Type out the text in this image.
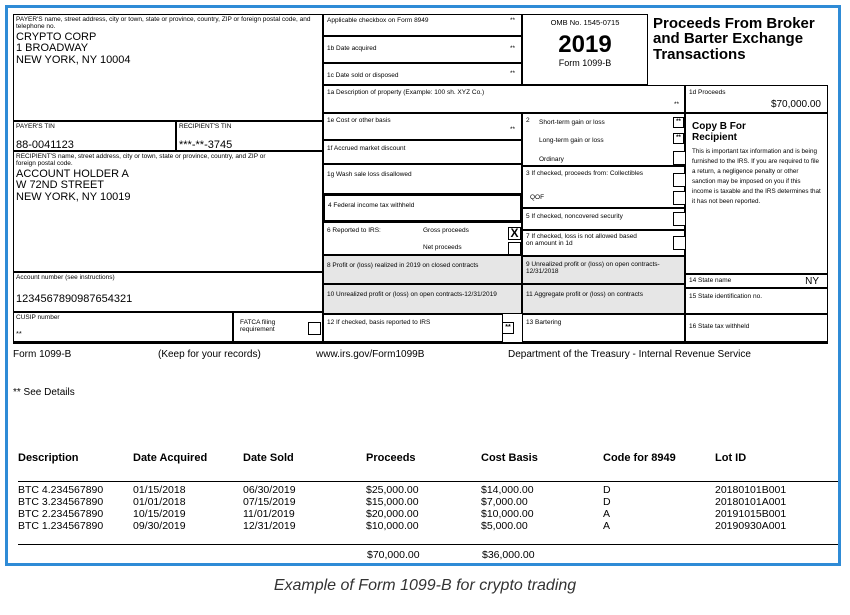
PAYER'S name, street address, city or town, state or province, country, ZIP or foreign postal code, and telephone no.
CRYPTO CORP
1 BROADWAY
NEW YORK, NY 10004
PAYER'S TIN
88-0041123
RECIPIENT'S TIN
***-**-3745
RECIPIENT'S name, street address, city or town, state or province, country, and ZIP or foreign postal code.
ACCOUNT HOLDER A
W 72ND STREET
NEW YORK, NY 10019
Account number (see instructions)
1234567890987654321
CUSIP number
**
FATCA filing requirement
Applicable checkbox on Form 8949	**
1b Date acquired	**
1c Date sold or disposed	**
OMB No. 1545-0715
2019
Form 1099-B
Proceeds From Broker and Barter Exchange Transactions
1a Description of property (Example: 100 sh. XYZ Co.)
**
1d Proceeds
$70,000.00
1e Cost or other basis
**
1f Accrued market discount
1g Wash sale loss disallowed
4 Federal income tax withheld
6 Reported to IRS:	Gross proceeds	X
Net proceeds
8 Profit or (loss) realized in 2019 on closed contracts
10 Unrealized profit or (loss) on open contracts-12/31/2019
12 If checked, basis reported to IRS
**
2 Short-term gain or loss	**
Long-term gain or loss	**
Ordinary
3 If checked, proceeds from: Collectibles
QOF
5 If checked, noncovered security
7 If checked, loss is not allowed based on amount in 1d
9 Unrealized profit or (loss) on open contracts-12/31/2018
11 Aggregate profit or (loss) on contracts
13 Bartering
Copy B For Recipient
This is important tax information and is being furnished to the IRS. If you are required to file a return, a negligence penalty or other sanction may be imposed on you if this income is taxable and the IRS determines that it has not been reported.
14 State name	NY
15 State identification no.
16 State tax withheld
Form 1099-B	(Keep for your records)	www.irs.gov/Form1099B	Department of the Treasury - Internal Revenue Service
** See Details
Description	Date Acquired	Date Sold	Proceeds	Cost Basis	Code for 8949	Lot ID
BTC 4.234567890	01/15/2018	06/30/2019	$25,000.00	$14,000.00	D	20180101B001
BTC 3.234567890	01/01/2018	07/15/2019	$15,000.00	$7,000.00	D	20180101A001
BTC 2.234567890	10/15/2019	11/01/2019	$20,000.00	$10,000.00	A	20191015B001
BTC 1.234567890	09/30/2019	12/31/2019	$10,000.00	$5,000.00	A	20190930A001
$70,000.00	$36,000.00
Example of Form 1099-B for crypto trading
